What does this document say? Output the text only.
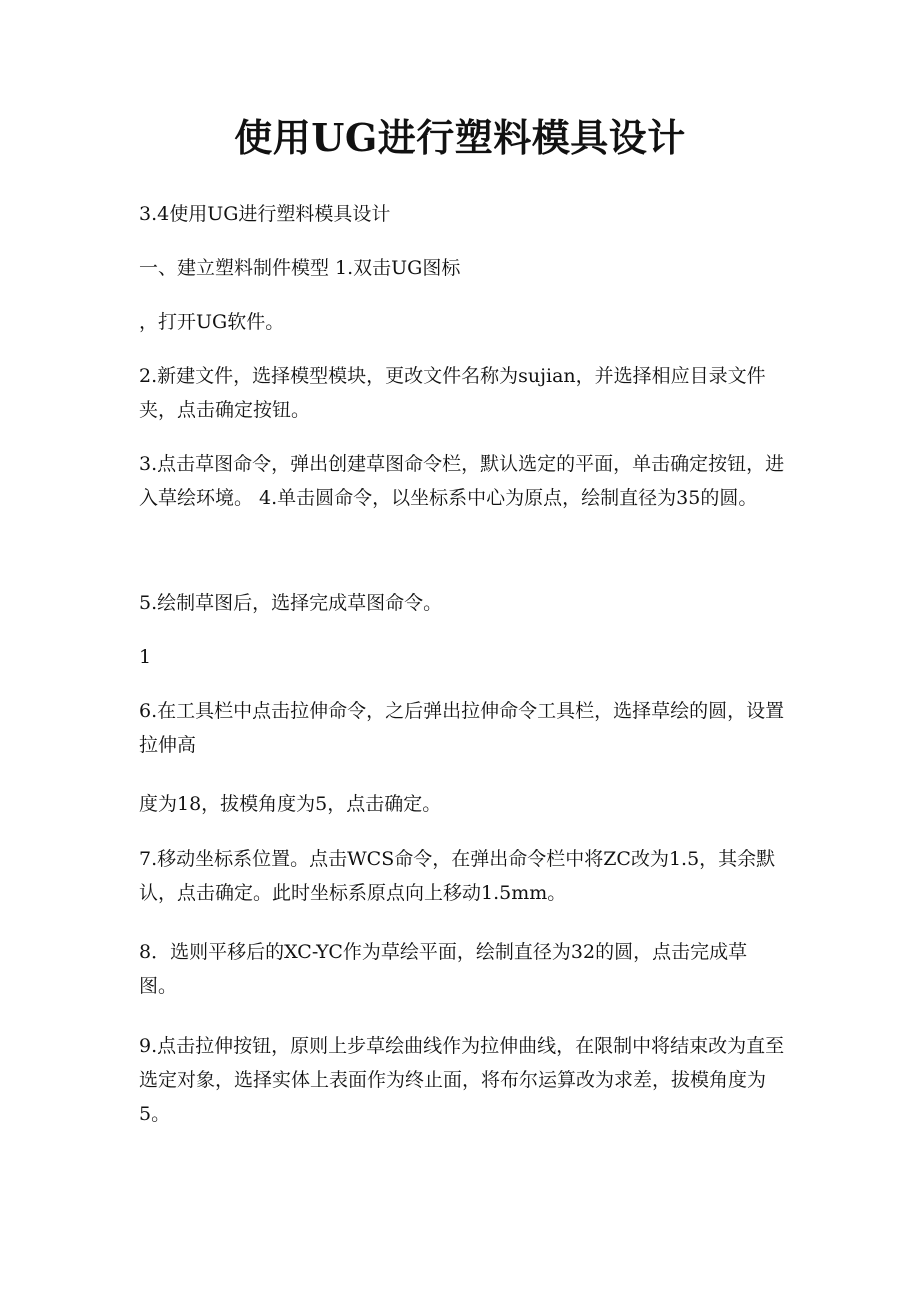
使用UG进行塑料模具设计

3.4使用UG进行塑料模具设计

一、建立塑料制件模型 1.双击UG图标

，打开UG软件。

2.新建文件，选择模型模块，更改文件名称为sujian，并选择相应目录文件夹，点击确定按钮。

3.点击草图命令，弹出创建草图命令栏，默认选定的平面，单击确定按钮，进入草绘环境。 4.单击圆命令，以坐标系中心为原点，绘制直径为35的圆。

5.绘制草图后，选择完成草图命令。

1

6.在工具栏中点击拉伸命令，之后弹出拉伸命令工具栏，选择草绘的圆，设置拉伸高

度为18，拔模角度为5，点击确定。

7.移动坐标系位置。点击WCS命令，在弹出命令栏中将ZC改为1.5，其余默认，点击确定。此时坐标系原点向上移动1.5mm。

8．选则平移后的XC-YC作为草绘平面，绘制直径为32的圆，点击完成草图。

9.点击拉伸按钮，原则上步草绘曲线作为拉伸曲线，在限制中将结束改为直至选定对象，选择实体上表面作为终止面，将布尔运算改为求差，拔模角度为5。
